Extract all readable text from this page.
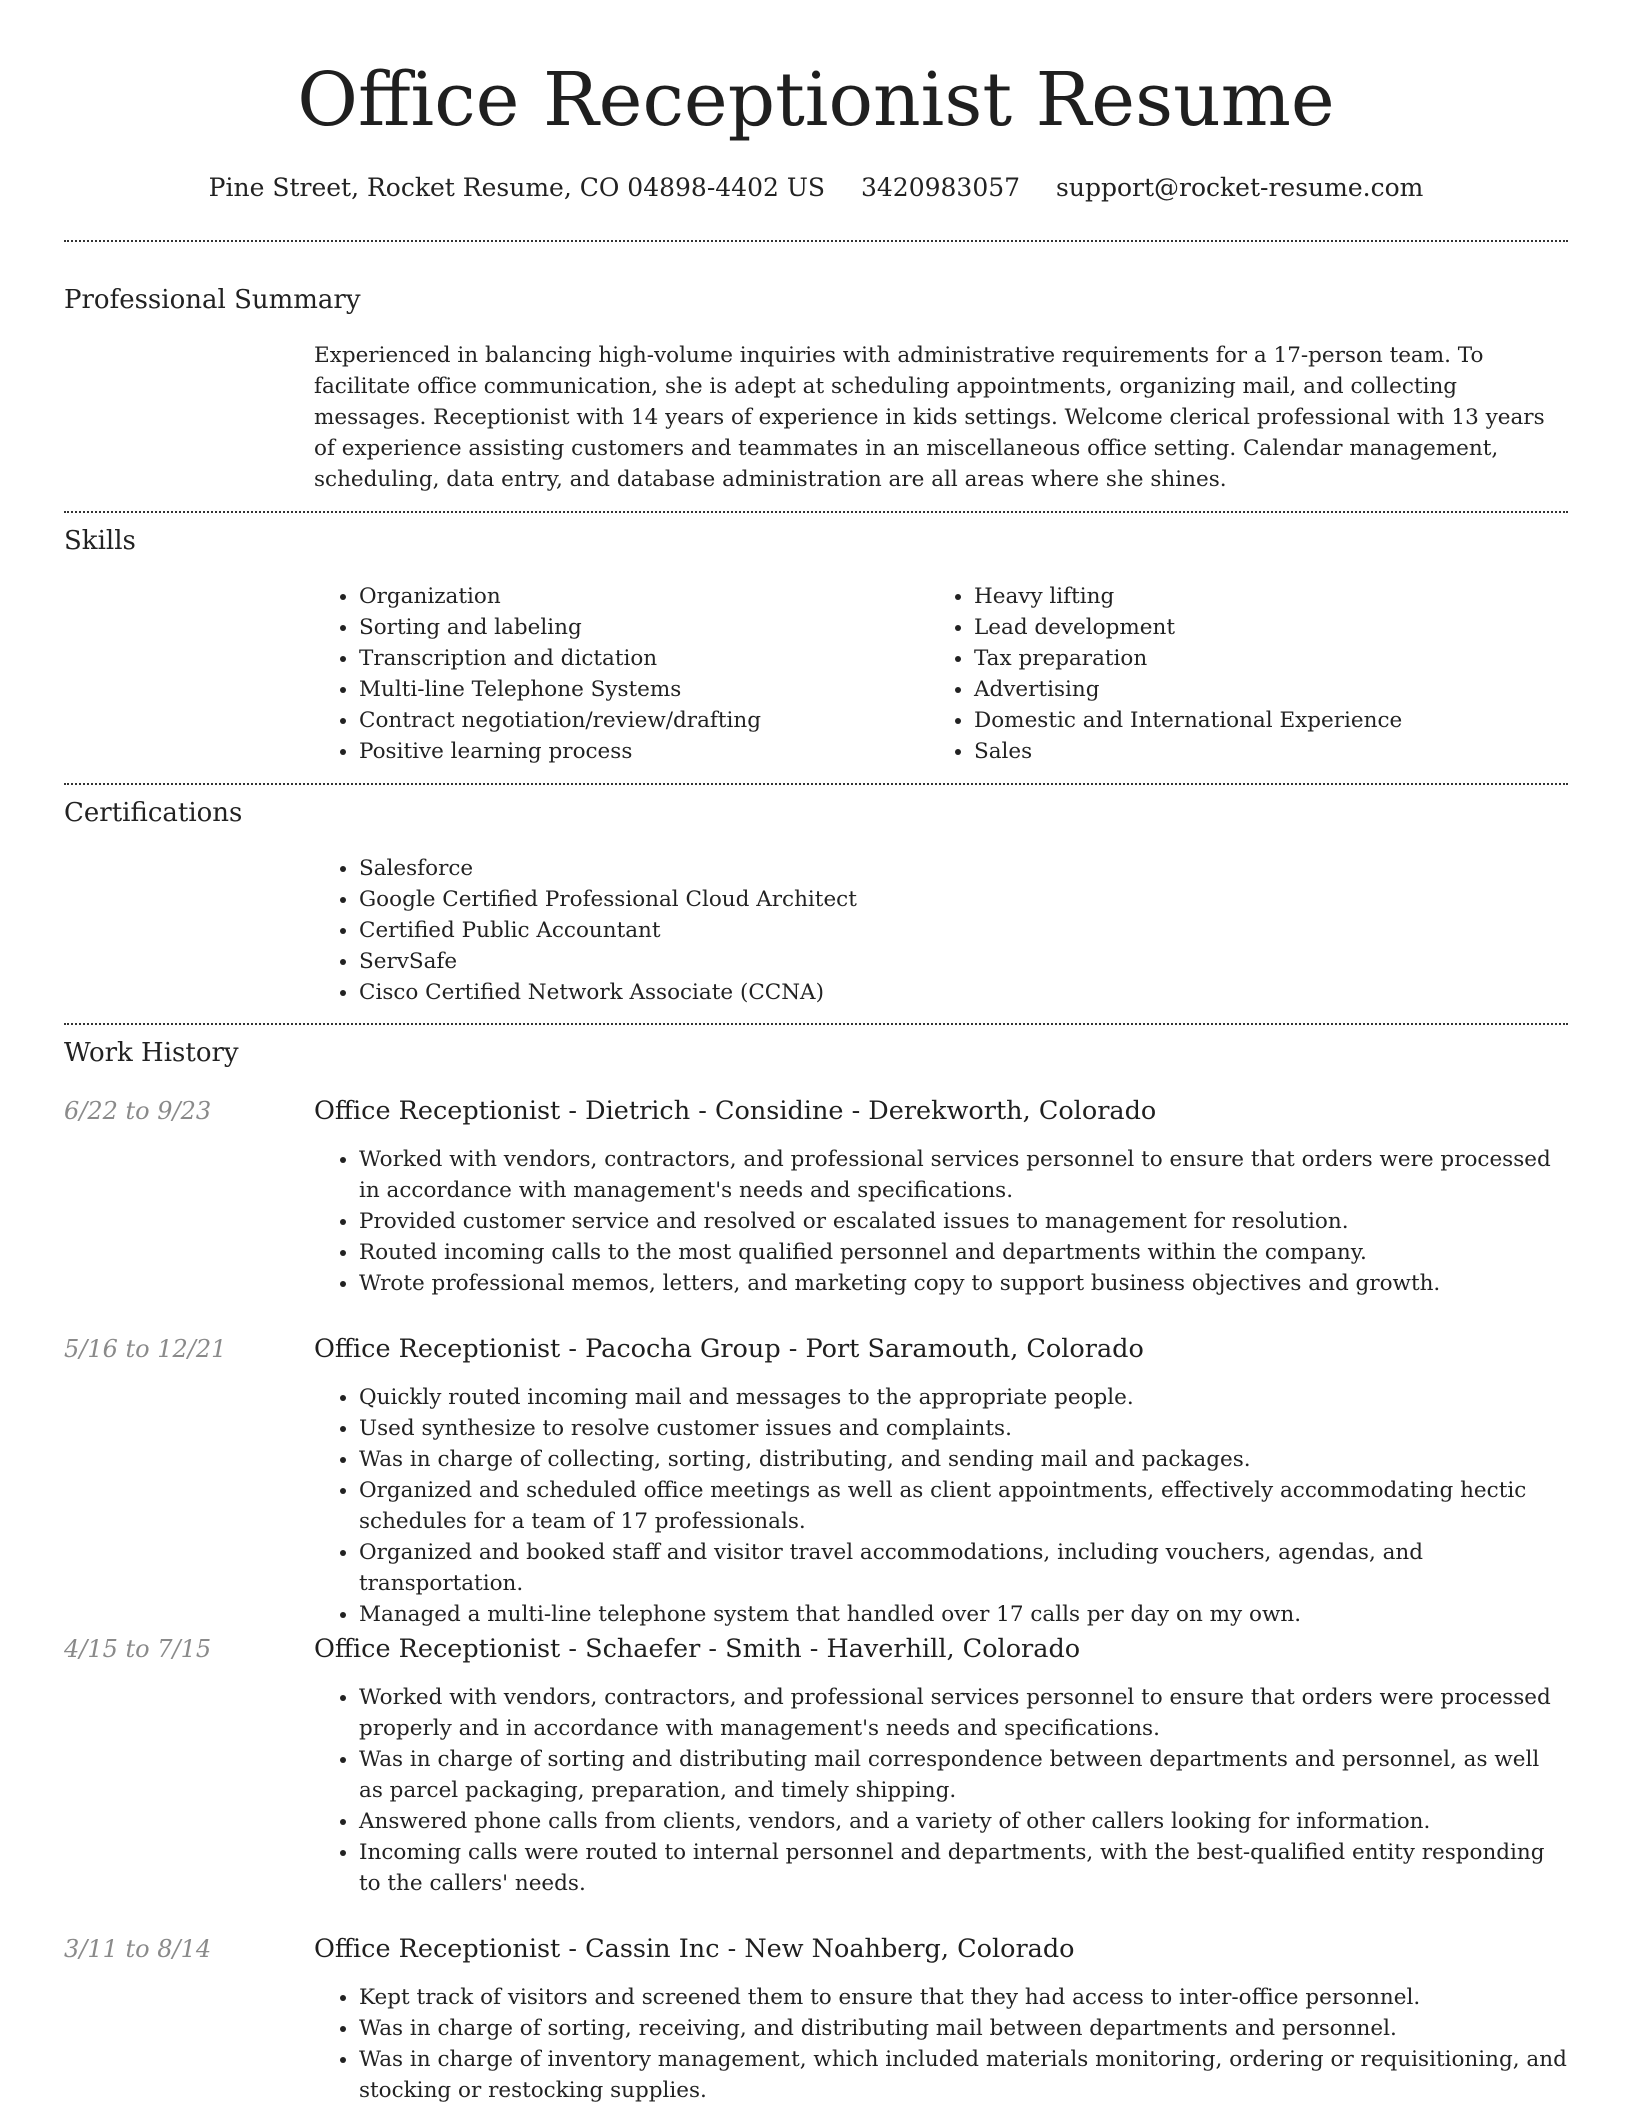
Office Receptionist Resume
Pine Street, Rocket Resume, CO 04898-4402 US 3420983057 support@rocket-resume.com
Professional Summary

Experienced in balancing high-volume inquiries with administrative requirements for a 17-person team. To facilitate office communication, she is adept at scheduling appointments, organizing mail, and collecting messages. Receptionist with 14 years of experience in kids settings. Welcome clerical professional with 13 years of experience assisting customers and teammates in an miscellaneous office setting. Calendar management, scheduling, data entry, and database administration are all areas where she shines.

Skills
• Organization
• Sorting and labeling
• Transcription and dictation
• Multi-line Telephone Systems
• Contract negotiation/review/drafting
• Positive learning process
• Heavy lifting
• Lead development
• Tax preparation
• Advertising
• Domestic and International Experience
• Sales
Certifications
• Salesforce
• Google Certified Professional Cloud Architect
• Certified Public Accountant
• ServSafe
• Cisco Certified Network Associate (CCNA)
Work History
6/22 to 9/23	Office Receptionist - Dietrich - Considine - Derekworth, Colorado
• Worked with vendors, contractors, and professional services personnel to ensure that orders were processed in accordance with management's needs and specifications.
• Provided customer service and resolved or escalated issues to management for resolution.
• Routed incoming calls to the most qualified personnel and departments within the company.
• Wrote professional memos, letters, and marketing copy to support business objectives and growth.
5/16 to 12/21	Office Receptionist - Pacocha Group - Port Saramouth, Colorado
• Quickly routed incoming mail and messages to the appropriate people.
• Used synthesize to resolve customer issues and complaints.
• Was in charge of collecting, sorting, distributing, and sending mail and packages.
• Organized and scheduled office meetings as well as client appointments, effectively accommodating hectic schedules for a team of 17 professionals.
• Organized and booked staff and visitor travel accommodations, including vouchers, agendas, and transportation.
• Managed a multi-line telephone system that handled over 17 calls per day on my own.
4/15 to 7/15	Office Receptionist - Schaefer - Smith - Haverhill, Colorado
• Worked with vendors, contractors, and professional services personnel to ensure that orders were processed properly and in accordance with management's needs and specifications.
• Was in charge of sorting and distributing mail correspondence between departments and personnel, as well as parcel packaging, preparation, and timely shipping.
• Answered phone calls from clients, vendors, and a variety of other callers looking for information.
• Incoming calls were routed to internal personnel and departments, with the best-qualified entity responding to the callers' needs.
3/11 to 8/14	Office Receptionist - Cassin Inc - New Noahberg, Colorado
• Kept track of visitors and screened them to ensure that they had access to inter-office personnel.
• Was in charge of sorting, receiving, and distributing mail between departments and personnel.
• Was in charge of inventory management, which included materials monitoring, ordering or requisitioning, and stocking or restocking supplies.
